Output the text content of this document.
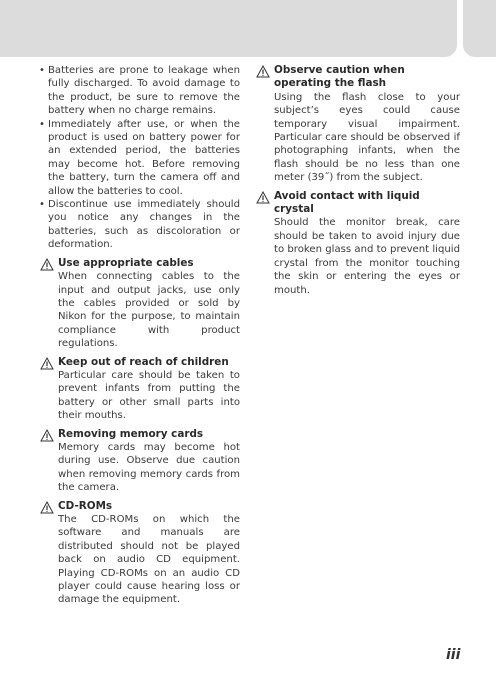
• Batteries are prone to leakage when fully discharged. To avoid damage to the product, be sure to remove the battery when no charge remains.
• Immediately after use, or when the product is used on battery power for an extended period, the batteries may become hot. Before removing the battery, turn the camera off and allow the batteries to cool.
• Discontinue use immediately should you notice any changes in the batteries, such as discoloration or deformation.
Use appropriate cables

When connecting cables to the input and output jacks, use only the cables provided or sold by Nikon for the purpose, to maintain compliance with product regulations.

Keep out of reach of children

Particular care should be taken to prevent infants from putting the battery or other small parts into their mouths.

Removing memory cards

Memory cards may become hot during use. Observe due caution when removing memory cards from the camera.

CD-ROMs

The CD-ROMs on which the software and manuals are distributed should not be played back on audio CD equipment. Playing CD-ROMs on an audio CD player could cause hearing loss or damage the equipment.

Observe caution when operating the flash

Using the flash close to your subject’s eyes could cause temporary visual impairment. Particular care should be observed if photographing infants, when the flash should be no less than one meter (39˝) from the subject.

Avoid contact with liquid crystal

Should the monitor break, care should be taken to avoid injury due to broken glass and to prevent liquid crystal from the monitor touching the skin or entering the eyes or mouth.

iii
